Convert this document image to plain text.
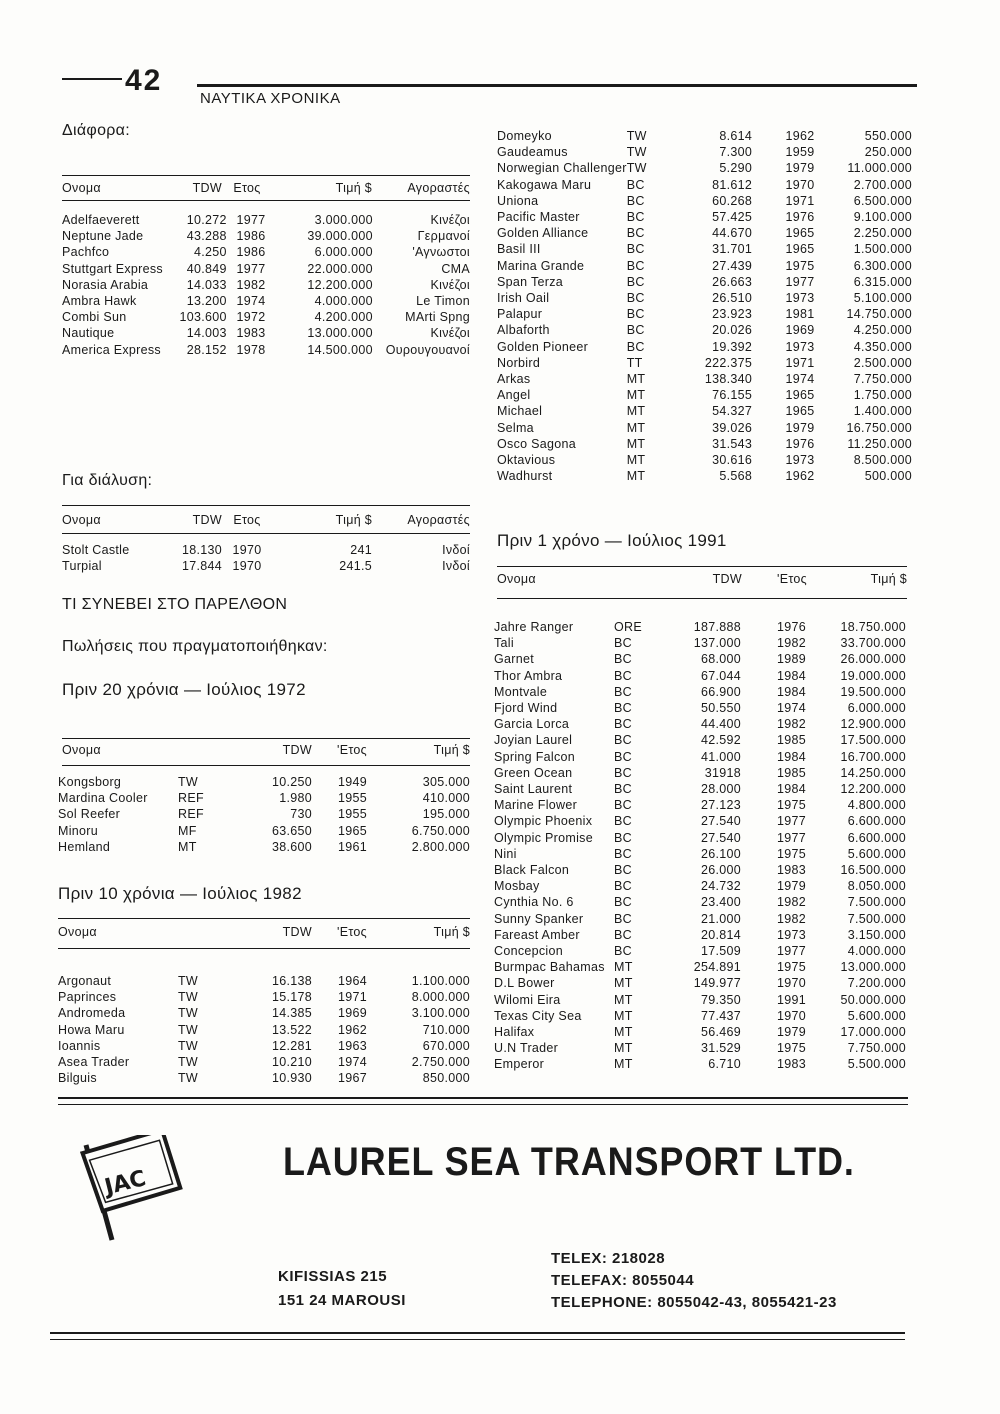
42
ΝΑΥΤΙΚΑ ΧΡΟΝΙΚΑ
Διάφορα:
Ονομα	TDW	Ετος	Τιμή $	Αγοραστές
Adelfaeverett	10.272	1977	3.000.000	Κινέζοι
Neptune Jade	43.288	1986	39.000.000	Γερμανοί
Pachfco	4.250	1986	6.000.000	'Αγνωστοι
Stuttgart Express	40.849	1977	22.000.000	CMA
Norasia Arabia	14.033	1982	12.200.000	Κινέζοι
Ambra Hawk	13.200	1974	4.000.000	Le Timon
Combi Sun	103.600	1972	4.200.000	MArti Spng
Nautique	14.003	1983	13.000.000	Κινέζοι
America Express	28.152	1978	14.500.000	Ουρουγουανοί
Για διάλυση:
Ονομα	TDW	Ετος	Τιμή $	Αγοραστές
Stolt Castle	18.130	1970	241	Ινδοί
Turpial	17.844	1970	241.5	Ινδοί
ΤΙ ΣΥΝΕΒΕΙ ΣΤΟ ΠΑΡΕΛΘΟΝ
Πωλήσεις που πραγματοποιήθηκαν:
Πριν 20 χρόνια — Ιούλιος 1972
Ονομα		TDW	'Ετος	Τιμή $
Kongsborg	TW	10.250	1949	305.000
Mardina Cooler	REF	1.980	1955	410.000
Sol Reefer	REF	730	1955	195.000
Minoru	MF	63.650	1965	6.750.000
Hemland	MT	38.600	1961	2.800.000
Πριν 10 χρόνια — Ιούλιος 1982
Ονομα		TDW	'Ετος	Τιμή $
Argonaut	TW	16.138	1964	1.100.000
Paprinces	TW	15.178	1971	8.000.000
Andromeda	TW	14.385	1969	3.100.000
Howa Maru	TW	13.522	1962	710.000
Ioannis	TW	12.281	1963	670.000
Asea Trader	TW	10.210	1974	2.750.000
Bilguis	TW	10.930	1967	850.000
Domeyko	TW	8.614	1962	550.000
Gaudeamus	TW	7.300	1959	250.000
Norwegian Challenger	TW	5.290	1979	11.000.000
Kakogawa Maru	BC	81.612	1970	2.700.000
Uniona	BC	60.268	1971	6.500.000
Pacific Master	BC	57.425	1976	9.100.000
Golden Alliance	BC	44.670	1965	2.250.000
Basil III	BC	31.701	1965	1.500.000
Marina Grande	BC	27.439	1975	6.300.000
Span Terza	BC	26.663	1977	6.315.000
Irish Oail	BC	26.510	1973	5.100.000
Palapur	BC	23.923	1981	14.750.000
Albaforth	BC	20.026	1969	4.250.000
Golden Pioneer	BC	19.392	1973	4.350.000
Norbird	TT	222.375	1971	2.500.000
Arkas	MT	138.340	1974	7.750.000
Angel	MT	76.155	1965	1.750.000
Michael	MT	54.327	1965	1.400.000
Selma	MT	39.026	1979	16.750.000
Osco Sagona	MT	31.543	1976	11.250.000
Oktavious	MT	30.616	1973	8.500.000
Wadhurst	MT	5.568	1962	500.000
Πριν 1 χρόνο — Ιούλιος 1991
Ονομα		TDW	'Ετος	Τιμή $
Jahre Ranger	ORE	187.888	1976	18.750.000
Tali	BC	137.000	1982	33.700.000
Garnet	BC	68.000	1989	26.000.000
Thor Ambra	BC	67.044	1984	19.000.000
Montvale	BC	66.900	1984	19.500.000
Fjord Wind	BC	50.550	1974	6.000.000
Garcia Lorca	BC	44.400	1982	12.900.000
Joyian Laurel	BC	42.592	1985	17.500.000
Spring Falcon	BC	41.000	1984	16.700.000
Green Ocean	BC	31918	1985	14.250.000
Saint Laurent	BC	28.000	1984	12.200.000
Marine Flower	BC	27.123	1975	4.800.000
Olympic Phoenix	BC	27.540	1977	6.600.000
Olympic Promise	BC	27.540	1977	6.600.000
Nini	BC	26.100	1975	5.600.000
Black Falcon	BC	26.000	1983	16.500.000
Mosbay	BC	24.732	1979	8.050.000
Cynthia No. 6	BC	23.400	1982	7.500.000
Sunny Spanker	BC	21.000	1982	7.500.000
Fareast Amber	BC	20.814	1973	3.150.000
Concepcion	BC	17.509	1977	4.000.000
Burmpac Bahamas	MT	254.891	1975	13.000.000
D.L Bower	MT	149.977	1970	7.200.000
Wilomi Eira	MT	79.350	1991	50.000.000
Texas City Sea	MT	77.437	1970	5.600.000
Halifax	MT	56.469	1979	17.000.000
U.N Trader	MT	31.529	1975	7.750.000
Emperor	MT	6.710	1983	5.500.000
JAC	LAUREL SEA TRANSPORT LTD.
KIFISSIAS 215
151 24 MAROUSI
TELEX: 218028
TELEFAX: 8055044
TELEPHONE: 8055042-43, 8055421-23
